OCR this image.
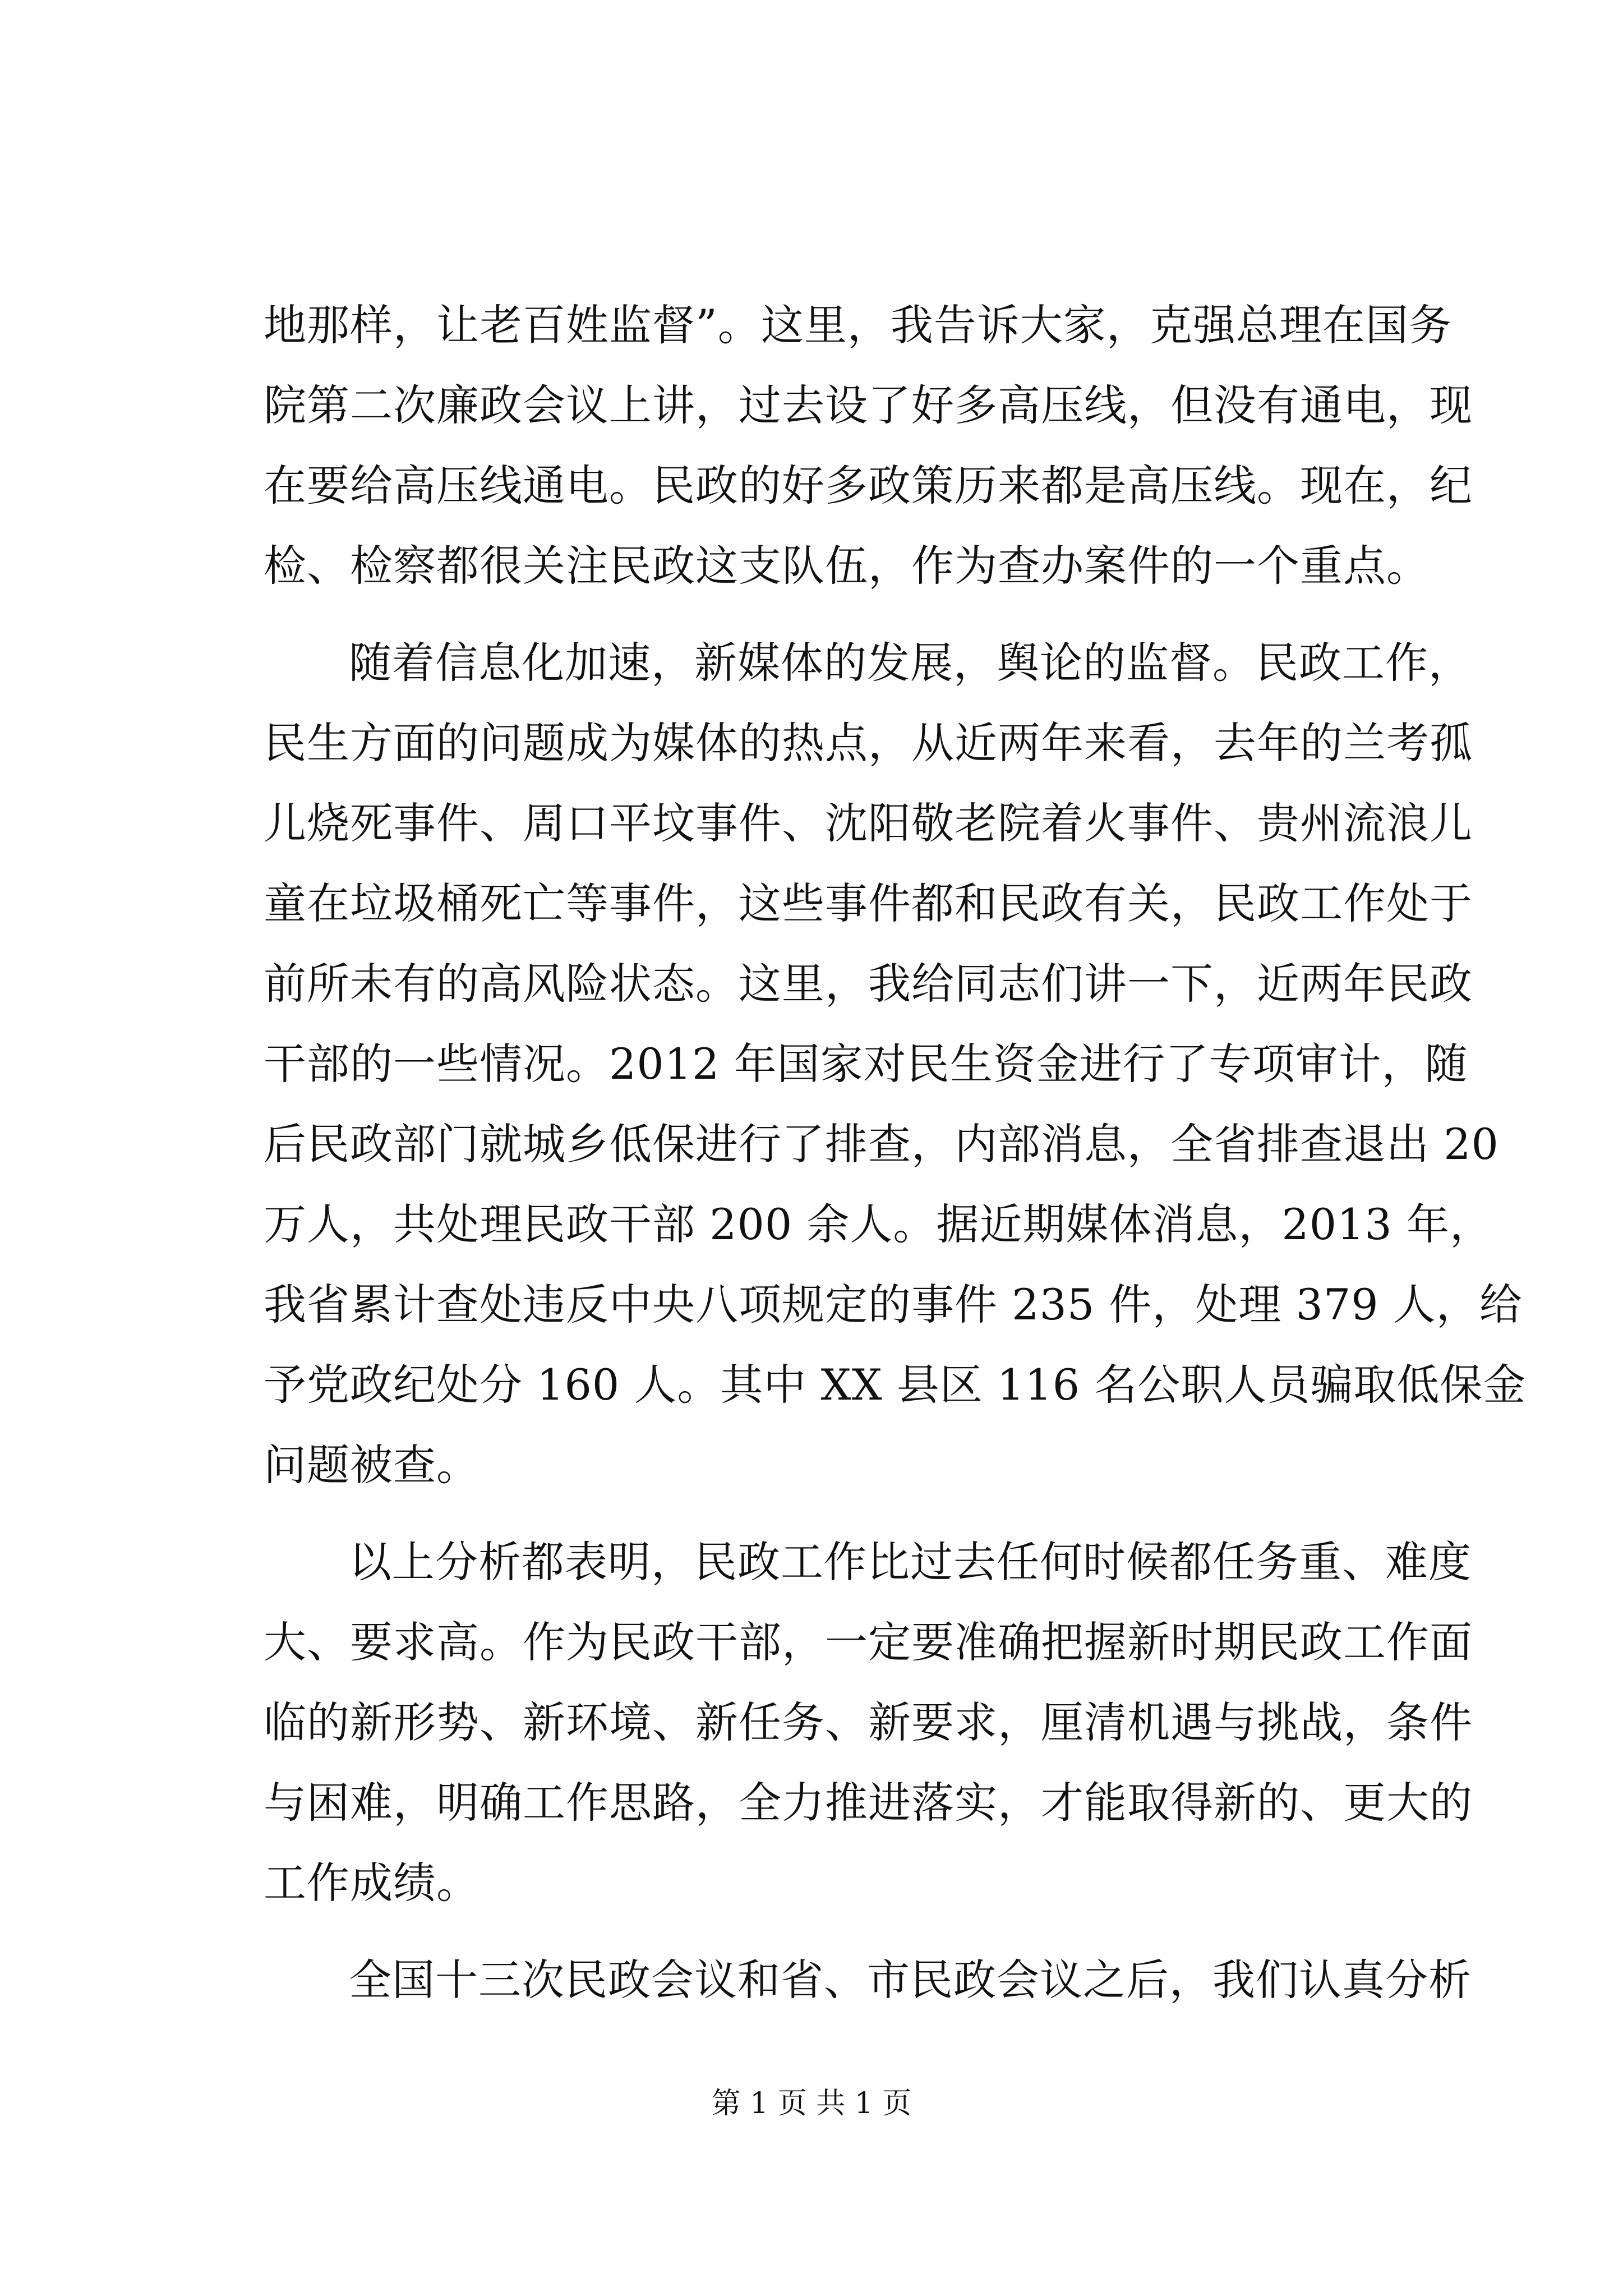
地那样，让老百姓监督”。这里，我告诉大家，克强总理在国务
院第二次廉政会议上讲，过去设了好多高压线，但没有通电，现
在要给高压线通电。民政的好多政策历来都是高压线。现在，纪
检、检察都很关注民政这支队伍，作为查办案件的一个重点。
随着信息化加速，新媒体的发展，舆论的监督。民政工作，
民生方面的问题成为媒体的热点，从近两年来看，去年的兰考孤
儿烧死事件、周口平坟事件、沈阳敬老院着火事件、贵州流浪儿
童在垃圾桶死亡等事件，这些事件都和民政有关，民政工作处于
前所未有的高风险状态。这里，我给同志们讲一下，近两年民政
干部的一些情况。2012 年国家对民生资金进行了专项审计，随
后民政部门就城乡低保进行了排查，内部消息，全省排查退出 20
万人，共处理民政干部 200 余人。据近期媒体消息，2013 年，
我省累计查处违反中央八项规定的事件 235 件，处理 379 人，给
予党政纪处分 160 人。其中 XX 县区 116 名公职人员骗取低保金
问题被查。
以上分析都表明，民政工作比过去任何时候都任务重、难度
大、要求高。作为民政干部，一定要准确把握新时期民政工作面
临的新形势、新环境、新任务、新要求，厘清机遇与挑战，条件
与困难，明确工作思路，全力推进落实，才能取得新的、更大的
工作成绩。
全国十三次民政会议和省、市民政会议之后，我们认真分析
第 1 页 共 1 页
